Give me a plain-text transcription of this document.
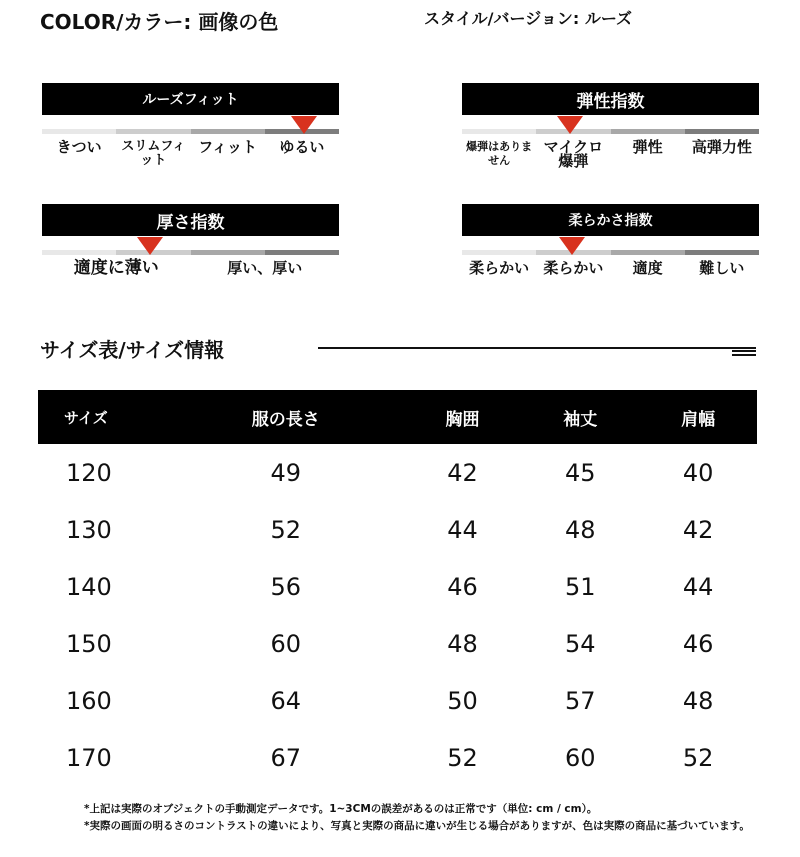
COLOR/カラー: 画像の色	スタイル/バージョン: ルーズ
ルーズフィット
きつい	スリムフィット
フィット	ゆるい
弾性指数
爆弾はありません
マイクロ爆弾
弾性	高弾力性
厚さ指数
適度に薄い	厚い、厚い
柔らかさ指数
柔らかい 柔らかい	適度	難しい
サイズ表/サイズ情報
サイズ	服の長さ	胸囲	袖丈	肩幅
120	49	42	45	40
130	52	44	48	42
140	56	46	51	44
150	60	48	54	46
160	64	50	57	48
170	67	52	60	52

*上記は実際のオブジェクトの手動測定データです。1~3CMの誤差があるのは正常です（単位: cm / cm）。

*実際の画面の明るさのコントラストの違いにより、写真と実際の商品に違いが生じる場合がありますが、色は実際の商品に基づいています。
